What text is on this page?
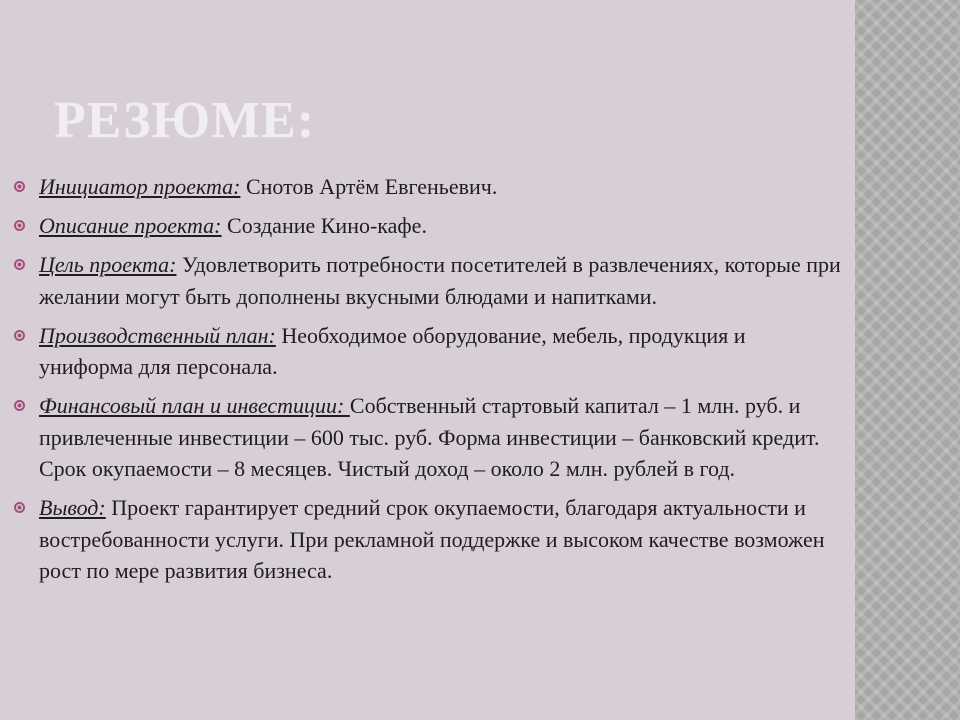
РЕЗЮМЕ:
Инициатор проекта: Снотов Артём Евгеньевич.
Описание проекта: Создание Кино-кафе.
Цель проекта: Удовлетворить потребности посетителей в развлечениях, которые при желании могут быть дополнены вкусными блюдами и напитками.
Производственный план: Необходимое оборудование, мебель, продукция и униформа для персонала.
Финансовый план и инвестиции: Собственный стартовый капитал – 1 млн. руб. и привлеченные инвестиции – 600 тыс. руб. Форма инвестиции – банковский кредит. Срок окупаемости – 8 месяцев. Чистый доход – около 2 млн. рублей в год.
Вывод: Проект гарантирует средний срок окупаемости, благодаря актуальности и востребованности услуги. При рекламной поддержке и высоком качестве возможен рост по мере развития бизнеса.
